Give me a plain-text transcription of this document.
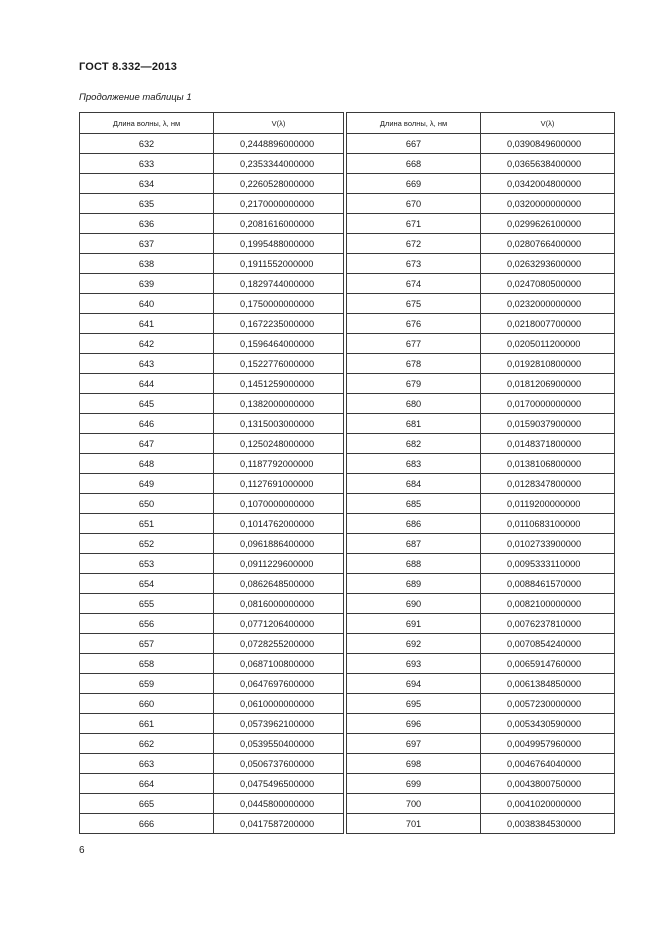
ГОСТ 8.332—2013
Продолжение таблицы 1
Длина волны, λ, нм	V(λ)		Длина волны, λ, нм	V(λ)
632	0,2448896000000		667	0,0390849600000
633	0,2353344000000		668	0,0365638400000
634	0,2260528000000		669	0,0342004800000
635	0,2170000000000		670	0,0320000000000
636	0,2081616000000		671	0,0299626100000
637	0,1995488000000		672	0,0280766400000
638	0,1911552000000		673	0,0263293600000
639	0,1829744000000		674	0,0247080500000
640	0,1750000000000		675	0,0232000000000
641	0,1672235000000		676	0,0218007700000
642	0,1596464000000		677	0,0205011200000
643	0,1522776000000		678	0,0192810800000
644	0,1451259000000		679	0,0181206900000
645	0,1382000000000		680	0,0170000000000
646	0,1315003000000		681	0,0159037900000
647	0,1250248000000		682	0,0148371800000
648	0,1187792000000		683	0,0138106800000
649	0,1127691000000		684	0,0128347800000
650	0,1070000000000		685	0,0119200000000
651	0,1014762000000		686	0,0110683100000
652	0,0961886400000		687	0,0102733900000
653	0,0911229600000		688	0,0095333110000
654	0,0862648500000		689	0,0088461570000
655	0,0816000000000		690	0,0082100000000
656	0,0771206400000		691	0,0076237810000
657	0,0728255200000		692	0,0070854240000
658	0,0687100800000		693	0,0065914760000
659	0,0647697600000		694	0,0061384850000
660	0,0610000000000		695	0,0057230000000
661	0,0573962100000		696	0,0053430590000
662	0,0539550400000		697	0,0049957960000
663	0,0506737600000		698	0,0046764040000
664	0,0475496500000		699	0,0043800750000
665	0,0445800000000		700	0,0041020000000
666	0,0417587200000		701	0,0038384530000
6
